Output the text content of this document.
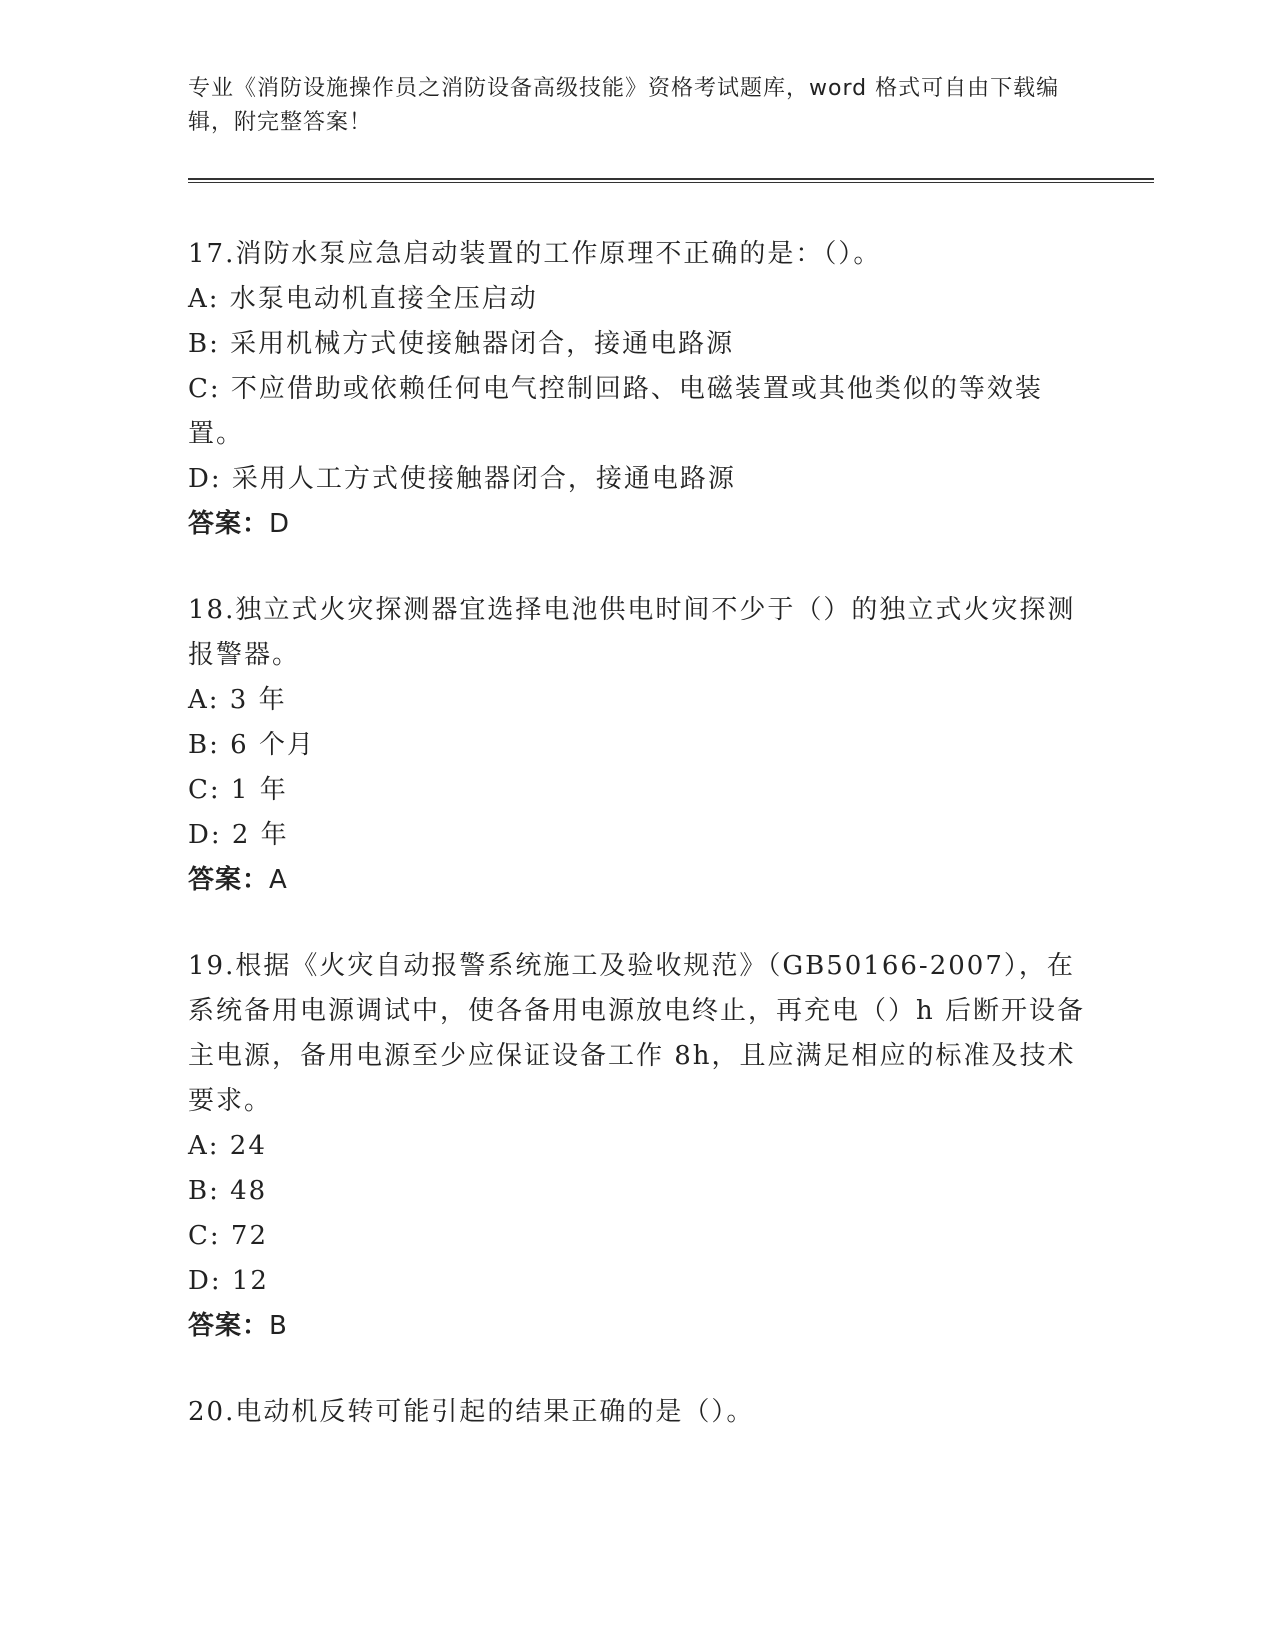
专业《消防设施操作员之消防设备高级技能》资格考试题库，word 格式可自由下载编辑，附完整答案！

17.消防水泵应急启动装置的工作原理不正确的是：（）。

A: 水泵电动机直接全压启动

B: 采用机械方式使接触器闭合，接通电路源

C: 不应借助或依赖任何电气控制回路、电磁装置或其他类似的等效装置。

D: 采用人工方式使接触器闭合，接通电路源

答案：D

18.独立式火灾探测器宜选择电池供电时间不少于（）的独立式火灾探测报警器。

A: 3 年

B: 6 个月

C: 1 年

D: 2 年

答案：A

19.根据《火灾自动报警系统施工及验收规范》（GB50166-2007），在系统备用电源调试中，使各备用电源放电终止，再充电（）h 后断开设备主电源，备用电源至少应保证设备工作 8h，且应满足相应的标准及技术要求。

A: 24

B: 48

C: 72

D: 12

答案：B

20.电动机反转可能引起的结果正确的是（）。
